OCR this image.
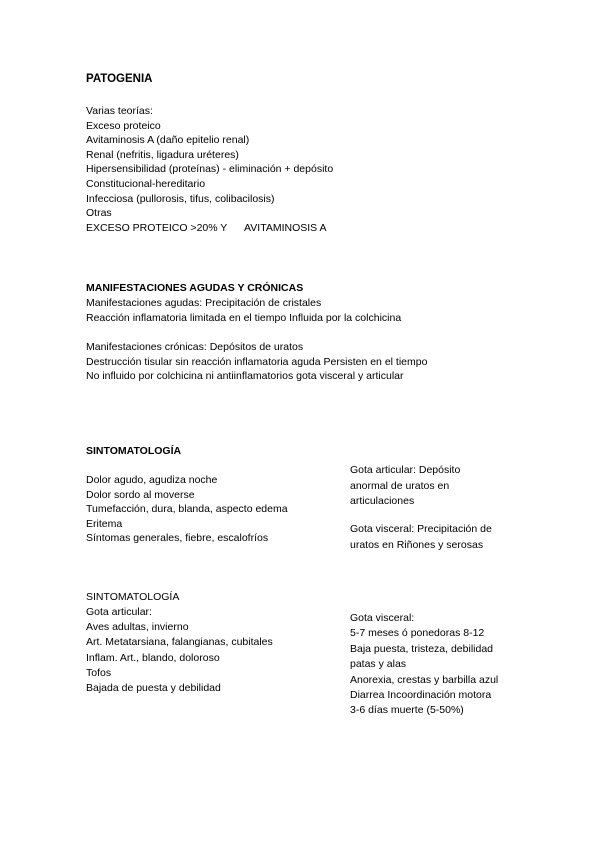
PATOGENIA
Varias teorías:
Exceso proteico
Avitaminosis A (daño epitelio renal)
Renal (nefritis, ligadura uréteres)
Hipersensibilidad (proteínas) - eliminación + depósito
Constitucional-hereditario
Infecciosa (pullorosis, tifus, colibacilosis)
Otras
EXCESO PROTEICO >20% Y      AVITAMINOSIS A
MANIFESTACIONES AGUDAS Y CRÓNICAS
Manifestaciones agudas: Precipitación de cristales
Reacción inflamatoria limitada en el tiempo Influida por la colchicina
Manifestaciones crónicas: Depósitos de uratos
Destrucción tisular sin reacción inflamatoria aguda Persisten en el tiempo
No influido por colchicina ni antiinflamatorios gota visceral y articular
SINTOMATOLOGÍA
Dolor agudo, agudiza noche
Dolor sordo al moverse
Tumefacción, dura, blanda, aspecto edema
Eritema
Síntomas generales, fiebre, escalofríos
Gota articular: Depósito
anormal de uratos en
articulaciones
Gota visceral: Precipitación de
uratos en Riñones y serosas
SINTOMATOLOGÍA
Gota articular:
Aves adultas, invierno
Art. Metatarsiana, falangianas, cubitales
Inflam. Art., blando, doloroso
Tofos
Bajada de puesta y debilidad
Gota visceral:
5-7 meses ó ponedoras 8-12
Baja puesta, tristeza, debilidad
patas y alas
Anorexia, crestas y barbilla azul
Diarrea Incoordinación motora
3-6 días muerte (5-50%)
